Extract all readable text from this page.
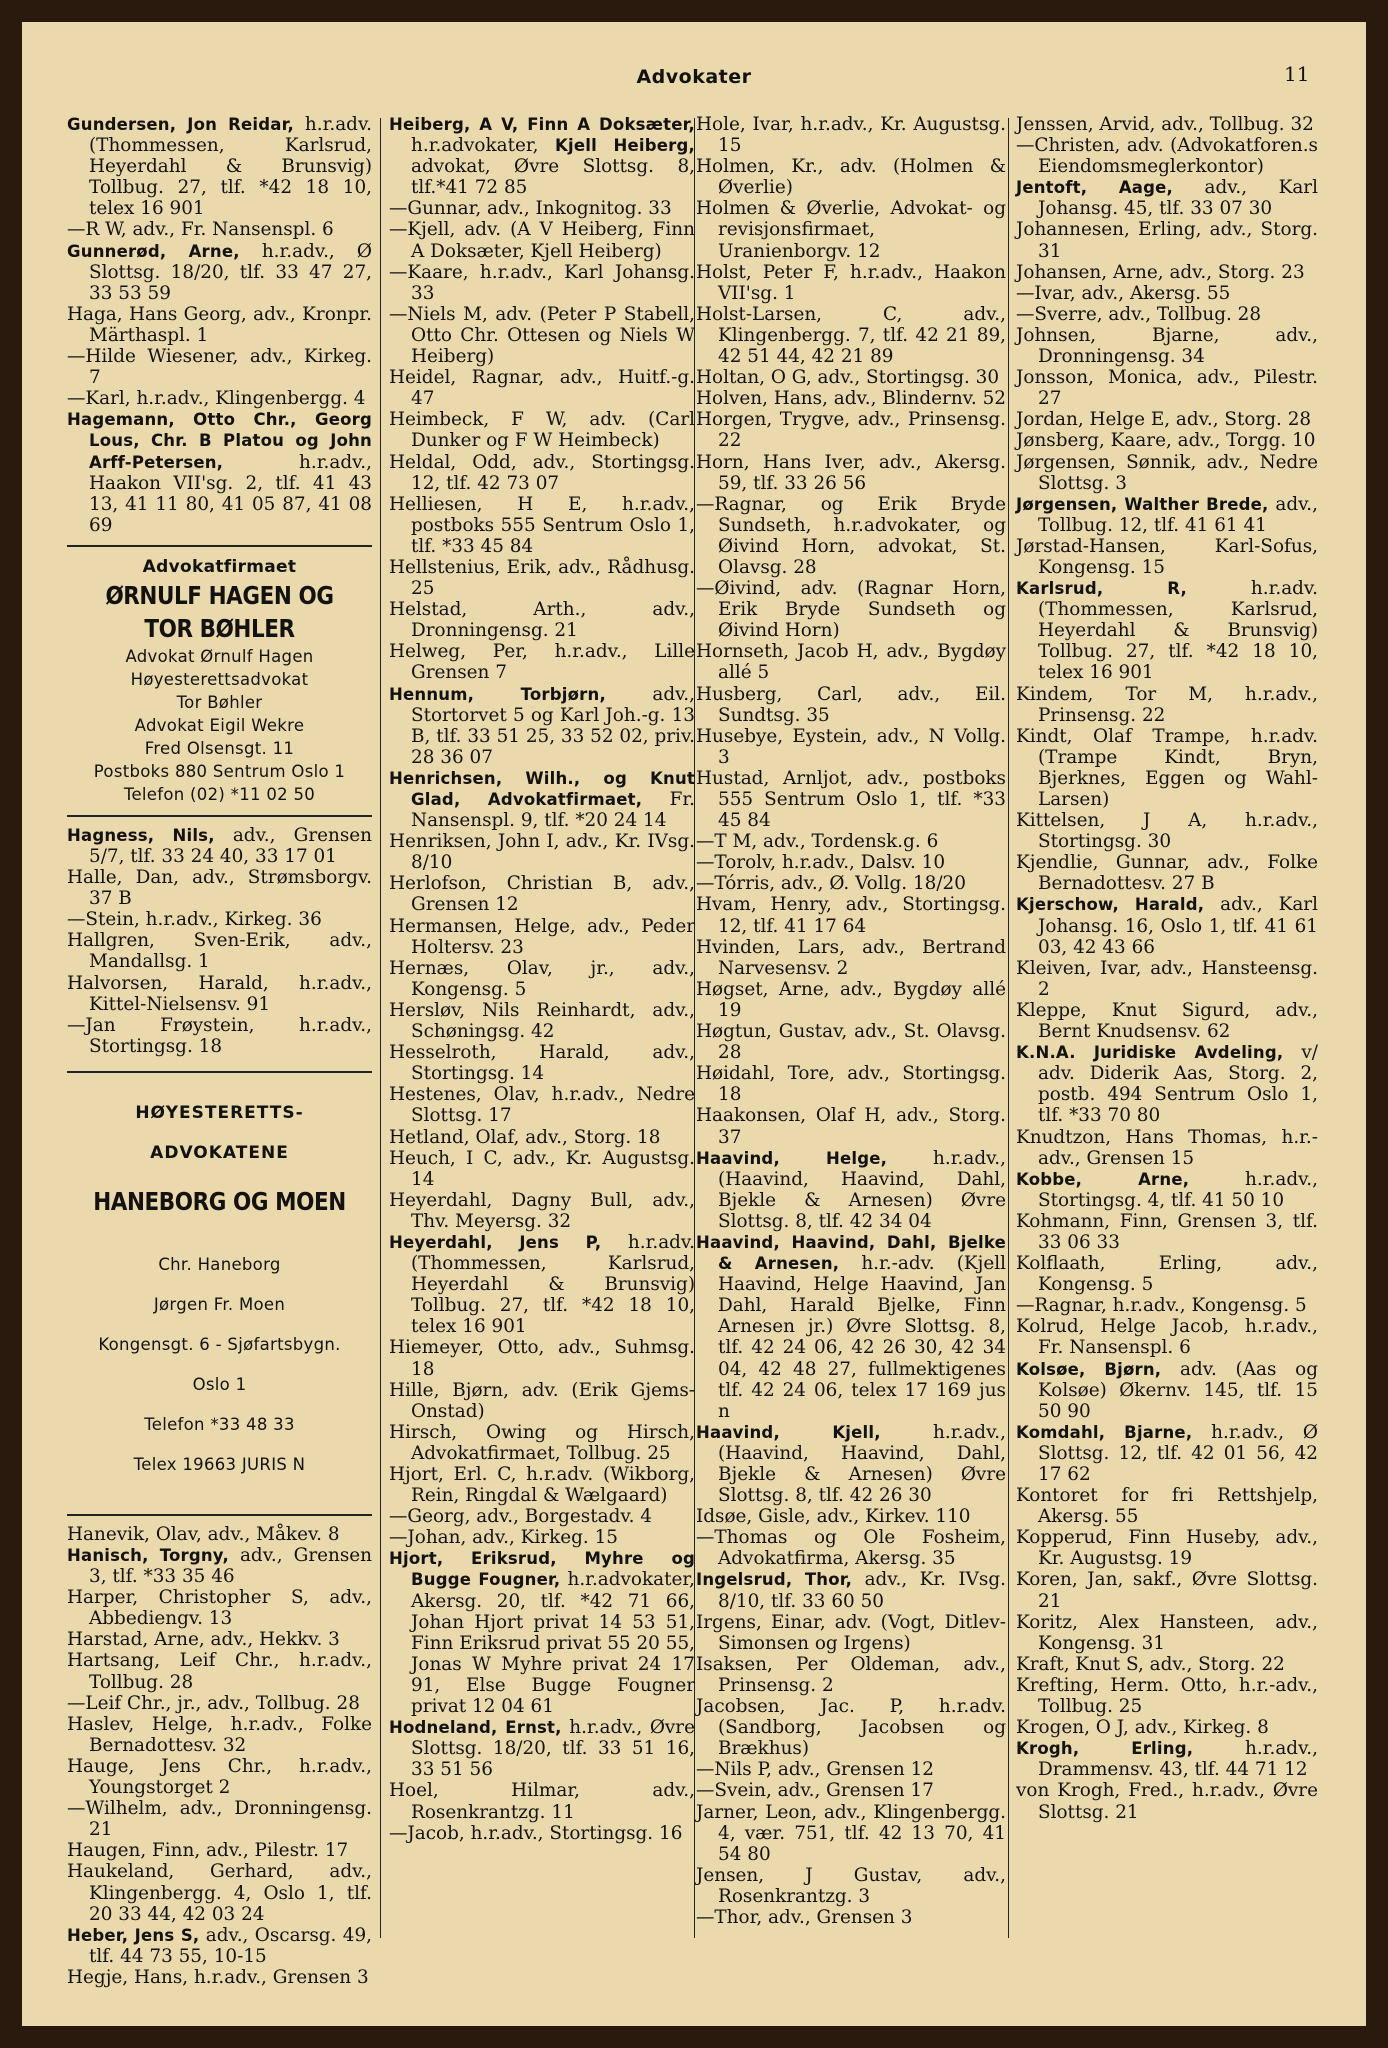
Advokater	11
Gundersen, Jon Reidar, h.r.adv. (Thommessen, Karlsrud, Heyerdahl & Brunsvig) Tollbug. 27, tlf. *42 18 10, telex 16 901
—R W, adv., Fr. Nansenspl. 6
Gunnerød, Arne, h.r.adv., Ø Slottsg. 18/20, tlf. 33 47 27, 33 53 59
Haga, Hans Georg, adv., Kronpr. Märthaspl. 1
—Hilde Wiesener, adv., Kirkeg. 7
—Karl, h.r.adv., Klingenbergg. 4
Hagemann, Otto Chr., Georg Lous, Chr. B Platou og John Arff-Petersen, h.r.adv., Haakon VII'sg. 2, tlf. 41 43 13, 41 11 80, 41 05 87, 41 08 69
Advokatfirmaet
ØRNULF HAGEN OG
TOR BØHLER
Advokat Ørnulf Hagen
Høyesterettsadvokat
Tor Bøhler
Advokat Eigil Wekre
Fred Olsensgt. 11
Postboks 880 Sentrum Oslo 1
Telefon (02) *11 02 50
Hagness, Nils, adv., Grensen 5/7, tlf. 33 24 40, 33 17 01
Halle, Dan, adv., Strømsborgv. 37 B
—Stein, h.r.adv., Kirkeg. 36
Hallgren, Sven-Erik, adv., Mandallsg. 1
Halvorsen, Harald, h.r.adv., Kittel-Nielsensv. 91
—Jan Frøystein, h.r.adv., Stortingsg. 18
HØYESTERETTS-
ADVOKATENE
HANEBORG OG MOEN
Chr. Haneborg
Jørgen Fr. Moen
Kongensgt. 6 - Sjøfartsbygn.
Oslo 1
Telefon *33 48 33
Telex 19663 JURIS N
Hanevik, Olav, adv., Måkev. 8
Hanisch, Torgny, adv., Grensen 3, tlf. *33 35 46
Harper, Christopher S, adv., Abbediengv. 13
Harstad, Arne, adv., Hekkv. 3
Hartsang, Leif Chr., h.r.adv., Tollbug. 28
—Leif Chr., jr., adv., Tollbug. 28
Haslev, Helge, h.r.adv., Folke Bernadottesv. 32
Hauge, Jens Chr., h.r.adv., Youngstorget 2
—Wilhelm, adv., Dronningensg. 21
Haugen, Finn, adv., Pilestr. 17
Haukeland, Gerhard, adv., Klingenbergg. 4, Oslo 1, tlf. 20 33 44, 42 03 24
Heber, Jens S, adv., Oscarsg. 49, tlf. 44 73 55, 10-15
Hegje, Hans, h.r.adv., Grensen 3
Heiberg, A V, Finn A Doksæter, h.r.advokater, Kjell Heiberg, advokat, Øvre Slottsg. 8, tlf.*41 72 85
—Gunnar, adv., Inkognitog. 33
—Kjell, adv. (A V Heiberg, Finn A Doksæter, Kjell Heiberg)
—Kaare, h.r.adv., Karl Johansg. 33
—Niels M, adv. (Peter P Stabell, Otto Chr. Ottesen og Niels W Heiberg)
Heidel, Ragnar, adv., Huitf.-g. 47
Heimbeck, F W, adv. (Carl Dunker og F W Heimbeck)
Heldal, Odd, adv., Stortingsg. 12, tlf. 42 73 07
Helliesen, H E, h.r.adv., postboks 555 Sentrum Oslo 1, tlf. *33 45 84
Hellstenius, Erik, adv., Rådhusg. 25
Helstad, Arth., adv., Dronningensg. 21
Helweg, Per, h.r.adv., Lille Grensen 7
Hennum, Torbjørn, adv., Stortorvet 5 og Karl Joh.-g. 13 B, tlf. 33 51 25, 33 52 02, priv. 28 36 07
Henrichsen, Wilh., og Knut Glad, Advokatfirmaet, Fr. Nansenspl. 9, tlf. *20 24 14
Henriksen, John I, adv., Kr. IVsg. 8/10
Herlofson, Christian B, adv., Grensen 12
Hermansen, Helge, adv., Peder Holtersv. 23
Hernæs, Olav, jr., adv., Kongensg. 5
Hersløv, Nils Reinhardt, adv., Schøningsg. 42
Hesselroth, Harald, adv., Stortingsg. 14
Hestenes, Olav, h.r.adv., Nedre Slottsg. 17
Hetland, Olaf, adv., Storg. 18
Heuch, I C, adv., Kr. Augustsg. 14
Heyerdahl, Dagny Bull, adv., Thv. Meyersg. 32
Heyerdahl, Jens P, h.r.adv. (Thommessen, Karlsrud, Heyerdahl & Brunsvig) Tollbug. 27, tlf. *42 18 10, telex 16 901
Hiemeyer, Otto, adv., Suhmsg. 18
Hille, Bjørn, adv. (Erik Gjems-Onstad)
Hirsch, Owing og Hirsch, Advokatfirmaet, Tollbug. 25
Hjort, Erl. C, h.r.adv. (Wikborg, Rein, Ringdal & Wælgaard)
—Georg, adv., Borgestadv. 4
—Johan, adv., Kirkeg. 15
Hjort, Eriksrud, Myhre og Bugge Fougner, h.r.advokater, Akersg. 20, tlf. *42 71 66, Johan Hjort privat 14 53 51, Finn Eriksrud privat 55 20 55, Jonas W Myhre privat 24 17 91, Else Bugge Fougner privat 12 04 61
Hodneland, Ernst, h.r.adv., Øvre Slottsg. 18/20, tlf. 33 51 16, 33 51 56
Hoel, Hilmar, adv., Rosenkrantzg. 11
—Jacob, h.r.adv., Stortingsg. 16
Hole, Ivar, h.r.adv., Kr. Augustsg. 15
Holmen, Kr., adv. (Holmen & Øverlie)
Holmen & Øverlie, Advokat- og revisjonsfirmaet, Uranienborgv. 12
Holst, Peter F, h.r.adv., Haakon VII'sg. 1
Holst-Larsen, C, adv., Klingenbergg. 7, tlf. 42 21 89, 42 51 44, 42 21 89
Holtan, O G, adv., Stortingsg. 30
Holven, Hans, adv., Blindernv. 52
Horgen, Trygve, adv., Prinsensg. 22
Horn, Hans Iver, adv., Akersg. 59, tlf. 33 26 56
—Ragnar, og Erik Bryde Sundseth, h.r.advokater, og Øivind Horn, advokat, St. Olavsg. 28
—Øivind, adv. (Ragnar Horn, Erik Bryde Sundseth og Øivind Horn)
Hornseth, Jacob H, adv., Bygdøy allé 5
Husberg, Carl, adv., Eil. Sundtsg. 35
Husebye, Eystein, adv., N Vollg. 3
Hustad, Arnljot, adv., postboks 555 Sentrum Oslo 1, tlf. *33 45 84
—T M, adv., Tordensk.g. 6
—Torolv, h.r.adv., Dalsv. 10
—Tórris, adv., Ø. Vollg. 18/20
Hvam, Henry, adv., Stortingsg. 12, tlf. 41 17 64
Hvinden, Lars, adv., Bertrand Narvesensv. 2
Høgset, Arne, adv., Bygdøy allé 19
Høgtun, Gustav, adv., St. Olavsg. 28
Høidahl, Tore, adv., Stortingsg. 18
Haakonsen, Olaf H, adv., Storg. 37
Haavind, Helge, h.r.adv., (Haavind, Haavind, Dahl, Bjekle & Arnesen) Øvre Slottsg. 8, tlf. 42 34 04
Haavind, Haavind, Dahl, Bjelke & Arnesen, h.r.-adv. (Kjell Haavind, Helge Haavind, Jan Dahl, Harald Bjelke, Finn Arnesen jr.) Øvre Slottsg. 8, tlf. 42 24 06, 42 26 30, 42 34 04, 42 48 27, fullmektigenes tlf. 42 24 06, telex 17 169 jus n
Haavind, Kjell, h.r.adv., (Haavind, Haavind, Dahl, Bjekle & Arnesen) Øvre Slottsg. 8, tlf. 42 26 30
Idsøe, Gisle, adv., Kirkev. 110
—Thomas og Ole Fosheim, Advokatfirma, Akersg. 35
Ingelsrud, Thor, adv., Kr. IVsg. 8/10, tlf. 33 60 50
Irgens, Einar, adv. (Vogt, Ditlev-Simonsen og Irgens)
Isaksen, Per Oldeman, adv., Prinsensg. 2
Jacobsen, Jac. P, h.r.adv. (Sandborg, Jacobsen og Brækhus)
—Nils P, adv., Grensen 12
—Svein, adv., Grensen 17
Jarner, Leon, adv., Klingenbergg. 4, vær. 751, tlf. 42 13 70, 41 54 80
Jensen, J Gustav, adv., Rosenkrantzg. 3
—Thor, adv., Grensen 3
Jenssen, Arvid, adv., Tollbug. 32
—Christen, adv. (Advokatforen.s Eiendomsmeglerkontor)
Jentoft, Aage, adv., Karl Johansg. 45, tlf. 33 07 30
Johannesen, Erling, adv., Storg. 31
Johansen, Arne, adv., Storg. 23
—Ivar, adv., Akersg. 55
—Sverre, adv., Tollbug. 28
Johnsen, Bjarne, adv., Dronningensg. 34
Jonsson, Monica, adv., Pilestr. 27
Jordan, Helge E, adv., Storg. 28
Jønsberg, Kaare, adv., Torgg. 10
Jørgensen, Sønnik, adv., Nedre Slottsg. 3
Jørgensen, Walther Brede, adv., Tollbug. 12, tlf. 41 61 41
Jørstad-Hansen, Karl-Sofus, Kongensg. 15
Karlsrud, R, h.r.adv. (Thommessen, Karlsrud, Heyerdahl & Brunsvig) Tollbug. 27, tlf. *42 18 10, telex 16 901
Kindem, Tor M, h.r.adv., Prinsensg. 22
Kindt, Olaf Trampe, h.r.adv. (Trampe Kindt, Bryn, Bjerknes, Eggen og Wahl-Larsen)
Kittelsen, J A, h.r.adv., Stortingsg. 30
Kjendlie, Gunnar, adv., Folke Bernadottesv. 27 B
Kjerschow, Harald, adv., Karl Johansg. 16, Oslo 1, tlf. 41 61 03, 42 43 66
Kleiven, Ivar, adv., Hansteensg. 2
Kleppe, Knut Sigurd, adv., Bernt Knudsensv. 62
K.N.A. Juridiske Avdeling, v/ adv. Diderik Aas, Storg. 2, postb. 494 Sentrum Oslo 1, tlf. *33 70 80
Knudtzon, Hans Thomas, h.r.-adv., Grensen 15
Kobbe, Arne, h.r.adv., Stortingsg. 4, tlf. 41 50 10
Kohmann, Finn, Grensen 3, tlf. 33 06 33
Kolflaath, Erling, adv., Kongensg. 5
—Ragnar, h.r.adv., Kongensg. 5
Kolrud, Helge Jacob, h.r.adv., Fr. Nansenspl. 6
Kolsøe, Bjørn, adv. (Aas og Kolsøe) Økernv. 145, tlf. 15 50 90
Komdahl, Bjarne, h.r.adv., Ø Slottsg. 12, tlf. 42 01 56, 42 17 62
Kontoret for fri Rettshjelp, Akersg. 55
Kopperud, Finn Huseby, adv., Kr. Augustsg. 19
Koren, Jan, sakf., Øvre Slottsg. 21
Koritz, Alex Hansteen, adv., Kongensg. 31
Kraft, Knut S, adv., Storg. 22
Krefting, Herm. Otto, h.r.-adv., Tollbug. 25
Krogen, O J, adv., Kirkeg. 8
Krogh, Erling, h.r.adv., Drammensv. 43, tlf. 44 71 12
von Krogh, Fred., h.r.adv., Øvre Slottsg. 21
